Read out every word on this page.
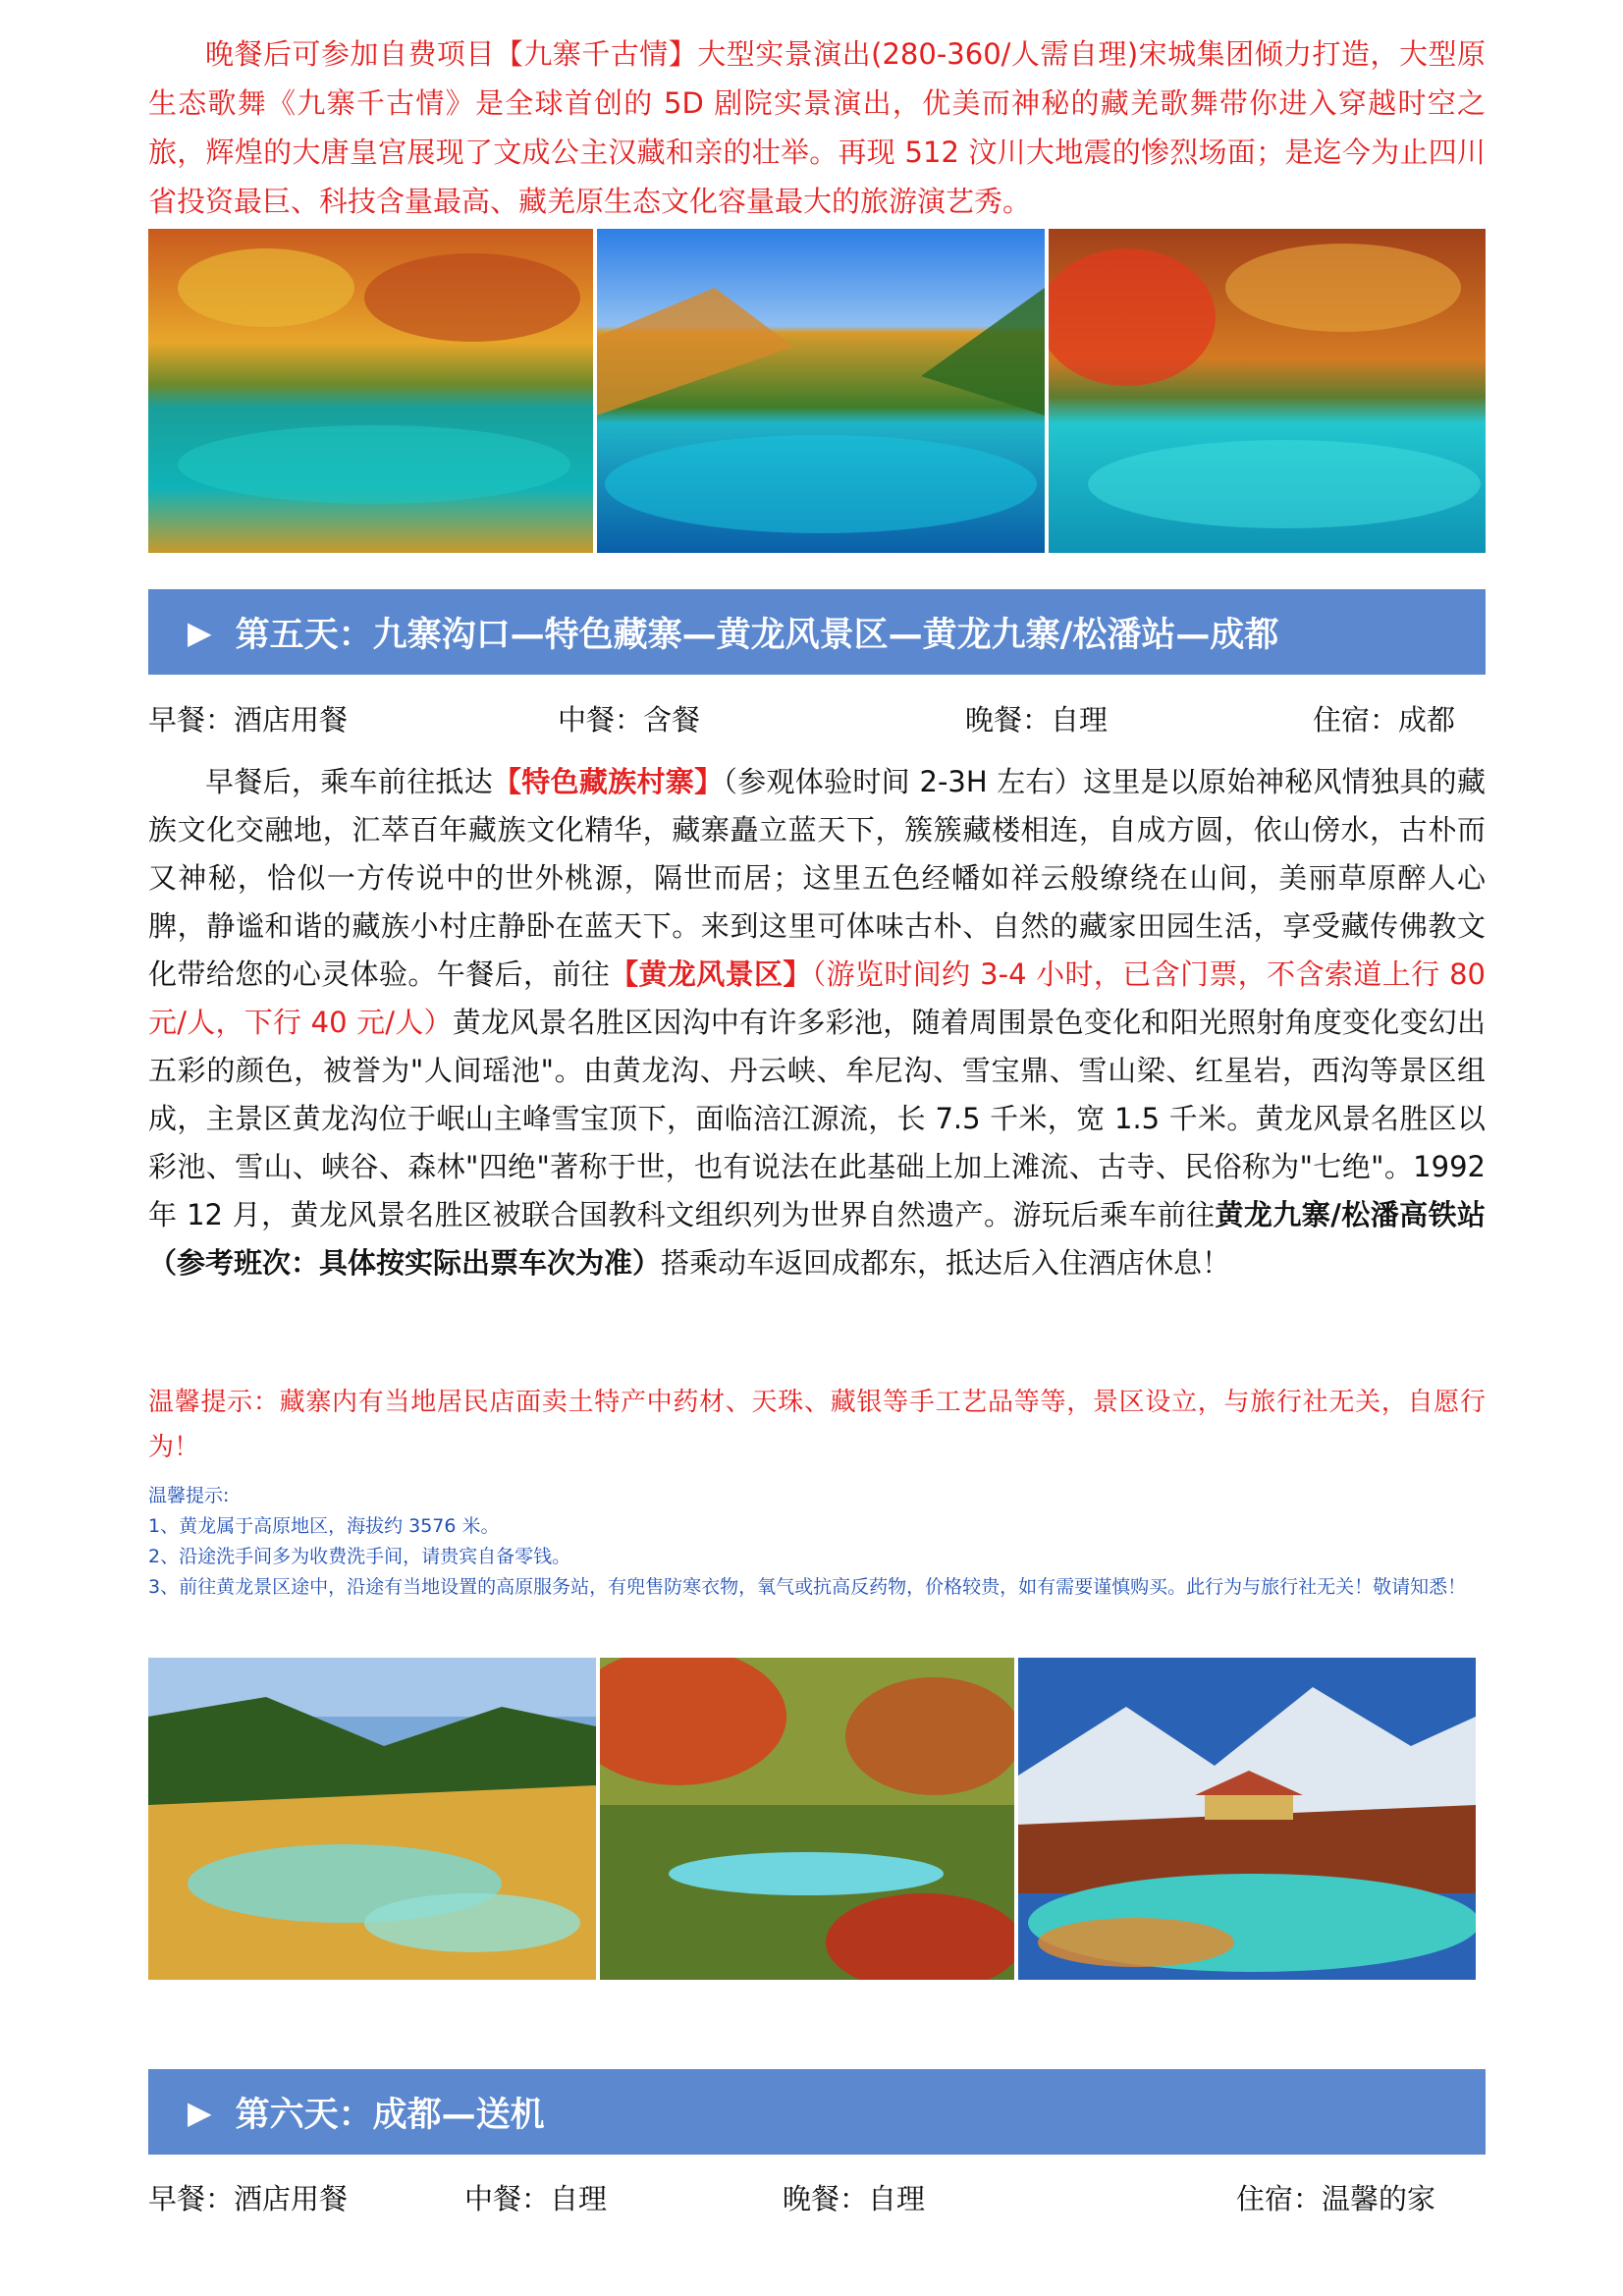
晚餐后可参加自费项目【九寨千古情】大型实景演出(280-360/人需自理)宋城集团倾力打造，大型原生态歌舞《九寨千古情》是全球首创的 5D 剧院实景演出，优美而神秘的藏羌歌舞带你进入穿越时空之旅，辉煌的大唐皇宫展现了文成公主汉藏和亲的壮举。再现 512 汶川大地震的惨烈场面；是迄今为止四川省投资最巨、科技含量最高、藏羌原生态文化容量最大的旅游演艺秀。
▶ 第五天：九寨沟口—特色藏寨—黄龙风景区—黄龙九寨/松潘站—成都
早餐：酒店用餐	中餐：含餐	晚餐：自理	住宿：成都
早餐后，乘车前往抵达【特色藏族村寨】（参观体验时间 2-3H 左右）这里是以原始神秘风情独具的藏族文化交融地，汇萃百年藏族文化精华，藏寨矗立蓝天下，簇簇藏楼相连，自成方圆，依山傍水，古朴而又神秘，恰似一方传说中的世外桃源，隔世而居；这里五色经幡如祥云般缭绕在山间，美丽草原醉人心脾，静谧和谐的藏族小村庄静卧在蓝天下。来到这里可体味古朴、自然的藏家田园生活，享受藏传佛教文化带给您的心灵体验。午餐后，前往【黄龙风景区】（游览时间约 3-4 小时，已含门票，不含索道上行 80 元/人，下行 40 元/人）黄龙风景名胜区因沟中有许多彩池，随着周围景色变化和阳光照射角度变化变幻出五彩的颜色，被誉为"人间瑶池"。由黄龙沟、丹云峡、牟尼沟、雪宝鼎、雪山梁、红星岩，西沟等景区组成，主景区黄龙沟位于岷山主峰雪宝顶下，面临涪江源流，长 7.5 千米，宽 1.5 千米。黄龙风景名胜区以彩池、雪山、峡谷、森林"四绝"著称于世，也有说法在此基础上加上滩流、古寺、民俗称为"七绝"。1992 年 12 月，黄龙风景名胜区被联合国教科文组织列为世界自然遗产。游玩后乘车前往黄龙九寨/松潘高铁站（参考班次：具体按实际出票车次为准）搭乘动车返回成都东，抵达后入住酒店休息！
温馨提示：藏寨内有当地居民店面卖土特产中药材、天珠、藏银等手工艺品等等，景区设立，与旅行社无关，自愿行为！
温馨提示:
1、黄龙属于高原地区，海拔约 3576 米。
2、沿途洗手间多为收费洗手间，请贵宾自备零钱。
3、前往黄龙景区途中，沿途有当地设置的高原服务站，有兜售防寒衣物，氧气或抗高反药物，价格较贵，如有需要谨慎购买。此行为与旅行社无关！敬请知悉！
▶ 第六天：成都—送机
早餐：酒店用餐	中餐：自理	晚餐：自理	住宿：温馨的家
